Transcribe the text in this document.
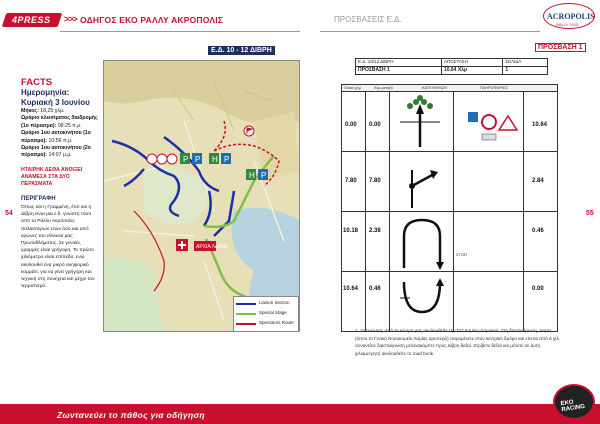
4PRESS >>> ΟΔΗΓΟΣ ΕΚΟ ΡΑΛΛΥ ΑΚΡΟΠΟΛΙΣ	ΠΡΟΣΒΑΣΕΙΣ Ε.Δ.	ACROPOLIS
RALLY 2015
Ε.Δ. 10 - 12 ΔΙΒΡΗ
FACTS
Ημερομηνία:
Κυριακή 3 Ιουνίου
Μήκος: 18,25 χλμ.
Ωράριο κλεισίματος διαδρομής (1ο πέρασμα): 08:25 π.μ.
Ωράριο 1ου αυτοκινήτου (1ο πέρασμα): 10:56 π.μ.
Ωράριο 1ου αυτοκινήτου (2ο πέρασμα): 14:07 μ.μ.
ΗΤΑΙΡΗΚ ΔΕΘΑ ΑΝΟΙΞΕΙ ΑΝΑΜΕΣΑ ΣΤΑ ΔΥΟ ΠΕΡΑΣΜΑΤΑ
ΠΕΡΙΓΡΑΦΗ
Όπως και η Γραμμένη, έτσι και η Δίβρη είναι μια ε.δ. γνωστή τόσο από το Ράλλυ Ακρόπολις παλαιότερων ετών όσο και από αγώνες του εθνικού μας Πρωταθλήματος. Σε γενικές γραμμές είναι γρήγορη. Το πρώτο χιλιόμετρο είναι επίπεδο, ενώ ακολουθεί ένα μικρό ανηφορικό κομμάτι, για να γίνει γρήγορη και τεχνική στη συνέχεια και μέχρι τον τερματισμό.
54
P P H P
H P
ΑΡΧΙΑ ΛΑΜΙΑ
Liaison Section
Special Stage
Spectators Route
ΠΡΟΣΒΑΣΗ 1
Ε.Δ. 10/12 ΔΙΒΡΗ	ΑΠΟΣΤΑΣΗ	ΣΕΛΙΔΑ
ΠΡΟΣΒΑΣΗ 1	10.64 Χλμ	1
Ολικά χλμ	Χλμ μεταξύ	ΚΑΤΕΥΘΥΝΣΗ	ΠΛΗΡΟΦΟΡΙΕΣ
0.00 0.00	10.64
7.80 7.80	2.84
10.18 2.38	0.46
ΣΤΟΠ
10.64 0.46	0.00
1. Ξεκινώντας από το κέντρο μας ακολουθείτε την ΕΟ Λαμίας-Δομοκού. Στη διασταύρωση, Λαμία, (όπου το Γενικό Νοσοκομείο Λαμίας αριστερά) παραμένετε στον κεντρικό δρόμο και επειτα από 6 χιλ. συναντάτε διασταύρωση μετανακάμπτε προς Δίβρη δεξιά. Στρίβετε δεξιά και μένετε σε αυτή χιλιομετρητή ακολουθείτε το road book.
55
Ζωντανεύει το πάθος για οδήγηση
EKO RACING
